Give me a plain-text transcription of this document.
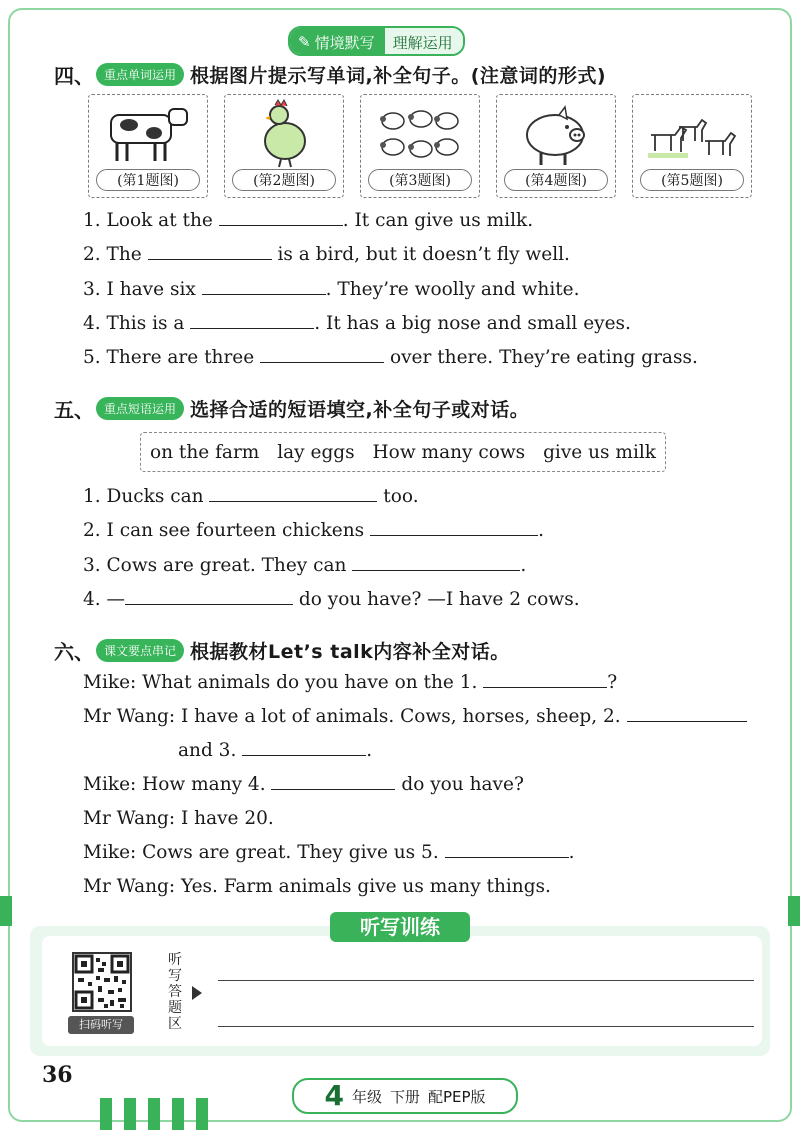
✎ 情境默写	理解运用
四、 重点单词运用 根据图片提示写单词,补全句子。(注意词的形式)
(第1题图)	(第2题图)	(第3题图)	(第4题图)	(第5题图)
1. Look at the	. It can give us milk.
2. The	is a bird, but it doesn’t fly well.
3. I have six	. They’re woolly and white.
4. This is a	. It has a big nose and small eyes.
5. There are three	over there. They’re eating grass.
五、 重点短语运用 选择合适的短语填空,补全句子或对话。
on the farm lay eggs How many cows give us milk
1. Ducks can	too.
2. I can see fourteen chickens	.
3. Cows are great. They can	.
4. —	do you have? —I have 2 cows.
六、 课文要点串记 根据教材Let’s talk内容补全对话。
Mike: What animals do you have on the 1.	?
Mr Wang: I have a lot of animals. Cows, horses, sheep, 2.
and 3.	.
Mike: How many 4.	do you have?
Mr Wang: I have 20.
Mike: Cows are great. They give us 5.	.
Mr Wang: Yes. Farm animals give us many things.
听写训练
扫码听写
听写答题区
36
4 年级 下册 配PEP版
